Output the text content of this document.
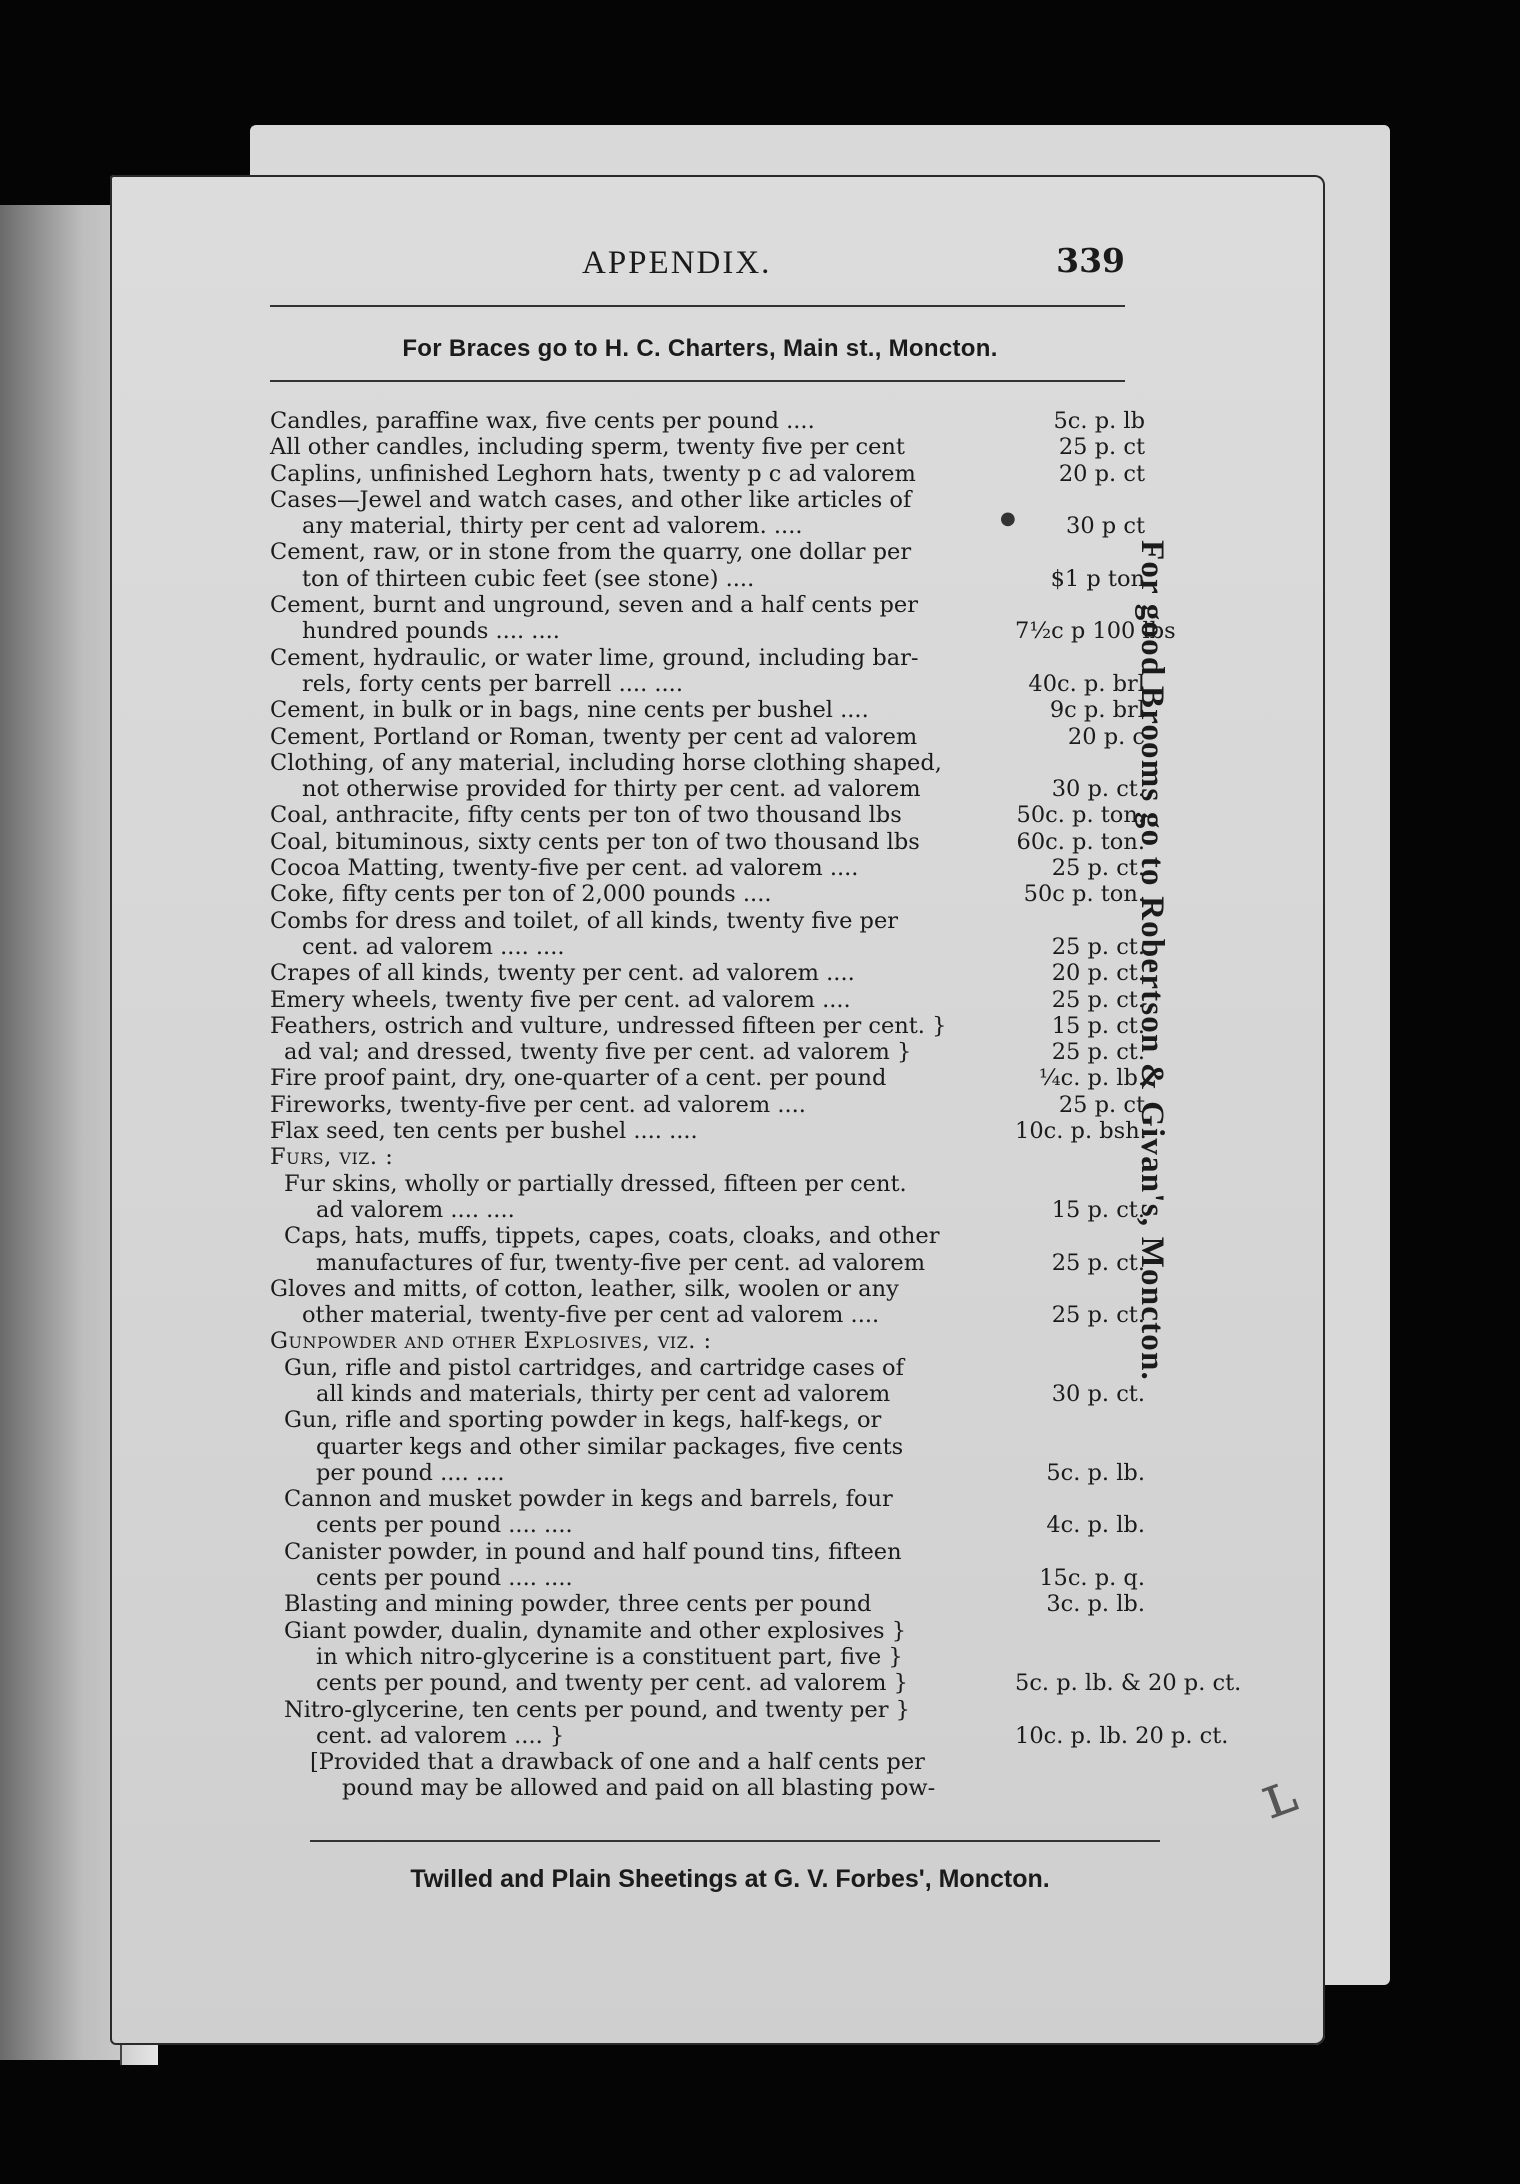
APPENDIX.	339
For Braces go to H. C. Charters, Main st., Moncton.
Candles, paraffine wax, five cents per pound ....	5c. p. lb
All other candles, including sperm, twenty five per cent	25 p. ct
Caplins, unfinished Leghorn hats, twenty p c ad valorem	20 p. ct
Cases—Jewel and watch cases, and other like articles of
any material, thirty per cent ad valorem. ....	30 p ct
Cement, raw, or in stone from the quarry, one dollar per
ton of thirteen cubic feet (see stone) ....	$1 p ton
Cement, burnt and unground, seven and a half cents per
hundred pounds .... ....	7½c p 100 lbs
Cement, hydraulic, or water lime, ground, including bar-
rels, forty cents per barrell .... ....	40c. p. brl
Cement, in bulk or in bags, nine cents per bushel ....	9c p. brl
Cement, Portland or Roman, twenty per cent ad valorem	20 p. c
Clothing, of any material, including horse clothing shaped,
not otherwise provided for thirty per cent. ad valorem	30 p. ct.
Coal, anthracite, fifty cents per ton of two thousand lbs	50c. p. ton.
Coal, bituminous, sixty cents per ton of two thousand lbs	60c. p. ton.
Cocoa Matting, twenty-five per cent. ad valorem ....	25 p. ct.
Coke, fifty cents per ton of 2,000 pounds ....	50c p. ton.
Combs for dress and toilet, of all kinds, twenty five per
cent. ad valorem .... ....	25 p. ct.
Crapes of all kinds, twenty per cent. ad valorem ....	20 p. ct.
Emery wheels, twenty five per cent. ad valorem ....	25 p. ct.
Feathers, ostrich and vulture, undressed fifteen per cent. }	15 p. ct.
ad val; and dressed, twenty five per cent. ad valorem }	25 p. ct.
Fire proof paint, dry, one-quarter of a cent. per pound	¼c. p. lb.
Fireworks, twenty-five per cent. ad valorem ....	25 p. ct
Flax seed, ten cents per bushel .... ....	10c. p. bsh.
Furs, viz. :
Fur skins, wholly or partially dressed, fifteen per cent.
ad valorem .... ....	15 p. ct.
Caps, hats, muffs, tippets, capes, coats, cloaks, and other
manufactures of fur, twenty-five per cent. ad valorem	25 p. ct.
Gloves and mitts, of cotton, leather, silk, woolen or any
other material, twenty-five per cent ad valorem ....	25 p. ct.
Gunpowder and other Explosives, viz. :
Gun, rifle and pistol cartridges, and cartridge cases of
all kinds and materials, thirty per cent ad valorem	30 p. ct.
Gun, rifle and sporting powder in kegs, half-kegs, or
quarter kegs and other similar packages, five cents
per pound .... ....	5c. p. lb.
Cannon and musket powder in kegs and barrels, four
cents per pound .... ....	4c. p. lb.
Canister powder, in pound and half pound tins, fifteen
cents per pound .... ....	15c. p. q.
Blasting and mining powder, three cents per pound	3c. p. lb.
Giant powder, dualin, dynamite and other explosives }
in which nitro-glycerine is a constituent part, five }
cents per pound, and twenty per cent. ad valorem }	5c. p. lb. & 20 p. ct.
Nitro-glycerine, ten cents per pound, and twenty per }
cent. ad valorem .... }	10c. p. lb. 20 p. ct.
[Provided that a drawback of one and a half cents per
pound may be allowed and paid on all blasting pow-
Twilled and Plain Sheetings at G. V. Forbes', Moncton.
For good Brooms go to Robertson & Givan's, Moncton.
●
ʟ
